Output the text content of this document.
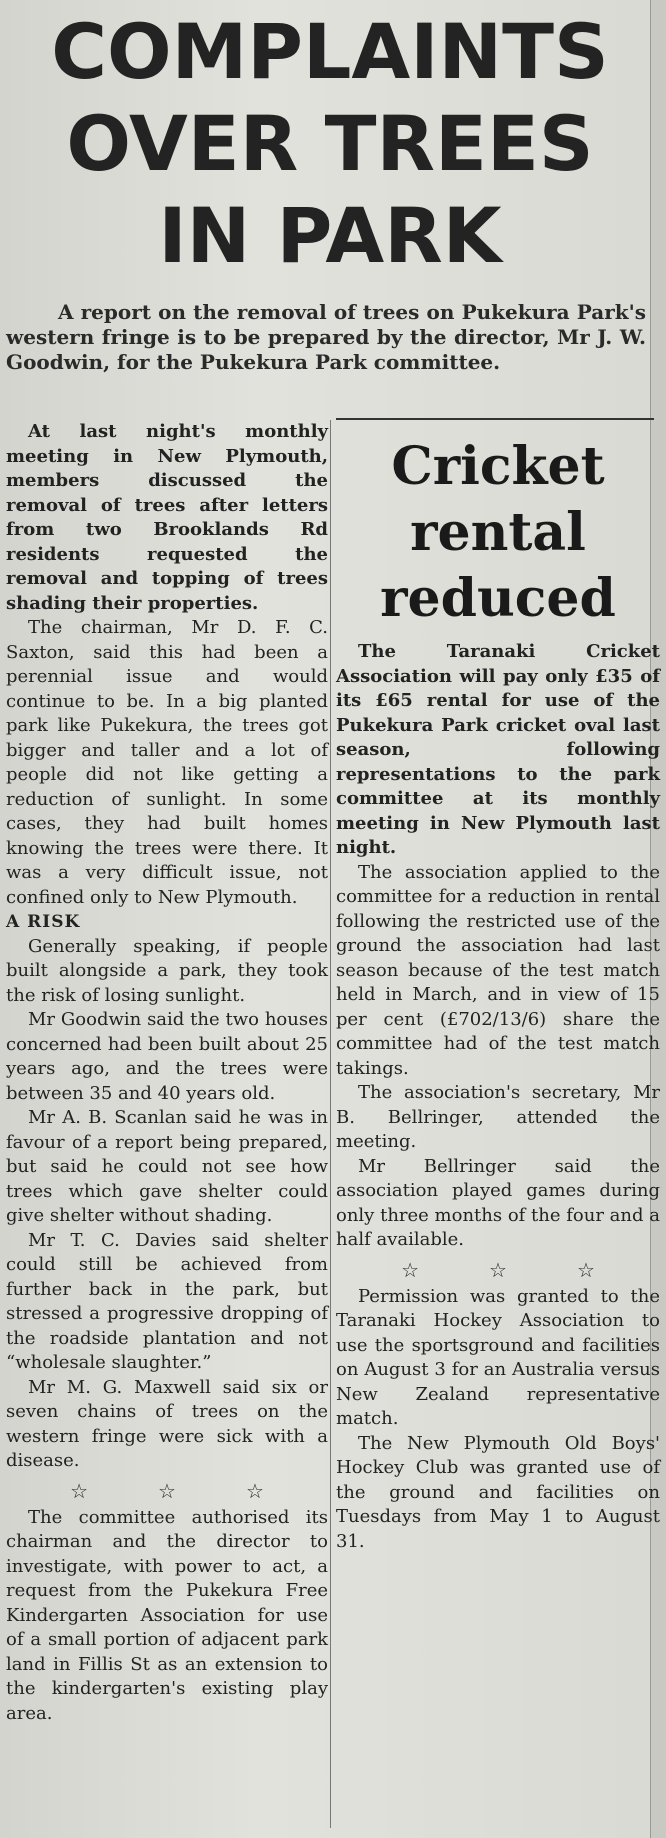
COMPLAINTS OVER TREES IN PARK

A report on the removal of trees on Pukekura Park's western fringe is to be prepared by the director, Mr J. W. Goodwin, for the Pukekura Park committee.

At last night's monthly meeting in New Plymouth, members discussed the removal of trees after letters from two Brooklands Rd residents requested the removal and topping of trees shading their properties.

The chairman, Mr D. F. C. Saxton, said this had been a perennial issue and would continue to be. In a big planted park like Pukekura, the trees got bigger and taller and a lot of people did not like getting a reduction of sunlight. In some cases, they had built homes knowing the trees were there. It was a very difficult issue, not confined only to New Plymouth.

A RISK

Generally speaking, if people built alongside a park, they took the risk of losing sunlight.

Mr Goodwin said the two houses concerned had been built about 25 years ago, and the trees were between 35 and 40 years old.

Mr A. B. Scanlan said he was in favour of a report being prepared, but said he could not see how trees which gave shelter could give shelter without shading.

Mr T. C. Davies said shelter could still be achieved from further back in the park, but stressed a progressive dropping of the roadside plantation and not “wholesale slaughter.”

Mr M. G. Maxwell said six or seven chains of trees on the western fringe were sick with a disease.

☆	☆	☆

The committee authorised its chairman and the director to investigate, with power to act, a request from the Pukekura Free Kindergarten Association for use of a small portion of adjacent park land in Fillis St as an extension to the kindergarten's existing play area.

Cricket rental reduced

The Taranaki Cricket Association will pay only £35 of its £65 rental for use of the Pukekura Park cricket oval last season, following representations to the park committee at its monthly meeting in New Plymouth last night.

The association applied to the committee for a reduction in rental following the restricted use of the ground the association had last season because of the test match held in March, and in view of 15 per cent (£702/13/6) share the committee had of the test match takings.

The association's secretary, Mr B. Bellringer, attended the meeting.

Mr Bellringer said the association played games during only three months of the four and a half available.

☆	☆	☆

Permission was granted to the Taranaki Hockey Association to use the sportsground and facilities on August 3 for an Australia versus New Zealand representative match.

The New Plymouth Old Boys' Hockey Club was granted use of the ground and facilities on Tuesdays from May 1 to August 31.
